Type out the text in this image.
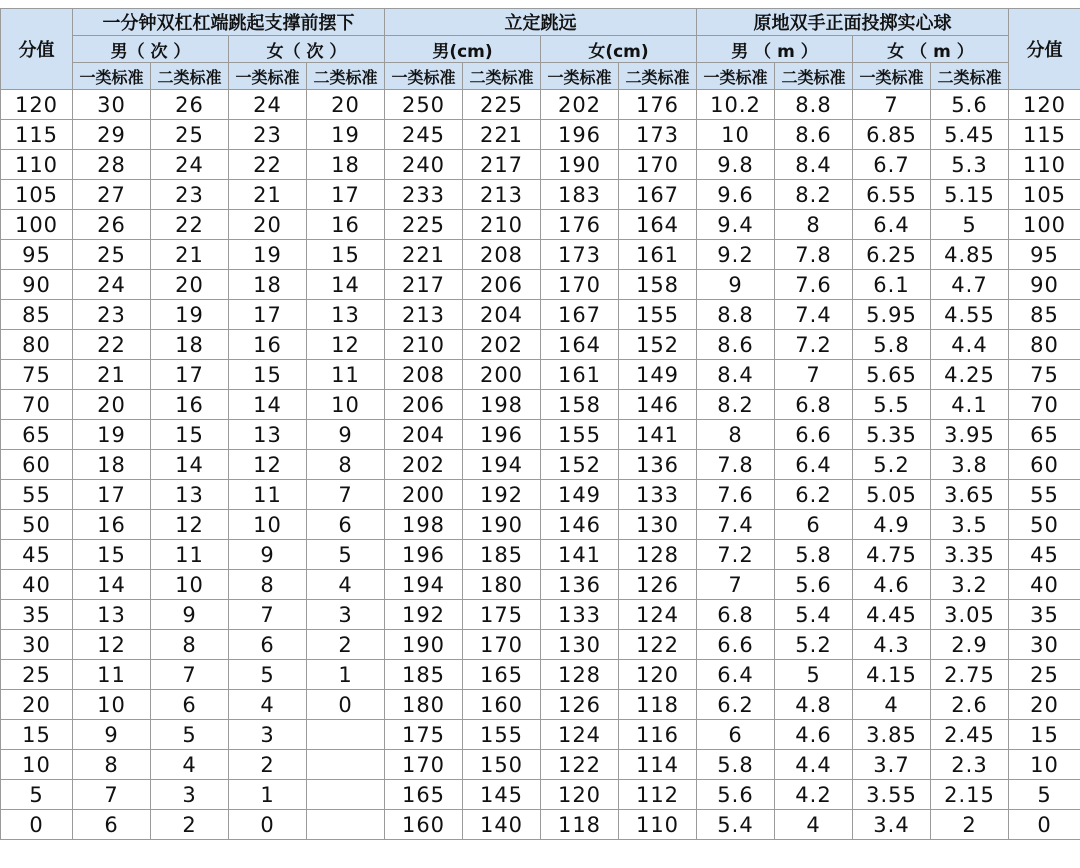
分值	一分钟双杠杠端跳起支撑前摆下				立定跳远				原地双手正面投掷实心球				分值
	男（ 次 ）		女（ 次 ）		男(cm)		女(cm)		男 （ m ）		女 （ m ）		
	一类标准	二类标准	一类标准	二类标准	一类标准	二类标准	一类标准	二类标准	一类标准	二类标准	一类标准	二类标准	
120	30	26	24	20	250	225	202	176	10.2	8.8	7	5.6	120
115	29	25	23	19	245	221	196	173	10	8.6	6.85	5.45	115
110	28	24	22	18	240	217	190	170	9.8	8.4	6.7	5.3	110
105	27	23	21	17	233	213	183	167	9.6	8.2	6.55	5.15	105
100	26	22	20	16	225	210	176	164	9.4	8	6.4	5	100
95	25	21	19	15	221	208	173	161	9.2	7.8	6.25	4.85	95
90	24	20	18	14	217	206	170	158	9	7.6	6.1	4.7	90
85	23	19	17	13	213	204	167	155	8.8	7.4	5.95	4.55	85
80	22	18	16	12	210	202	164	152	8.6	7.2	5.8	4.4	80
75	21	17	15	11	208	200	161	149	8.4	7	5.65	4.25	75
70	20	16	14	10	206	198	158	146	8.2	6.8	5.5	4.1	70
65	19	15	13	9	204	196	155	141	8	6.6	5.35	3.95	65
60	18	14	12	8	202	194	152	136	7.8	6.4	5.2	3.8	60
55	17	13	11	7	200	192	149	133	7.6	6.2	5.05	3.65	55
50	16	12	10	6	198	190	146	130	7.4	6	4.9	3.5	50
45	15	11	9	5	196	185	141	128	7.2	5.8	4.75	3.35	45
40	14	10	8	4	194	180	136	126	7	5.6	4.6	3.2	40
35	13	9	7	3	192	175	133	124	6.8	5.4	4.45	3.05	35
30	12	8	6	2	190	170	130	122	6.6	5.2	4.3	2.9	30
25	11	7	5	1	185	165	128	120	6.4	5	4.15	2.75	25
20	10	6	4	0	180	160	126	118	6.2	4.8	4	2.6	20
15	9	5	3		175	155	124	116	6	4.6	3.85	2.45	15
10	8	4	2		170	150	122	114	5.8	4.4	3.7	2.3	10
5	7	3	1		165	145	120	112	5.6	4.2	3.55	2.15	5
0	6	2	0		160	140	118	110	5.4	4	3.4	2	0
